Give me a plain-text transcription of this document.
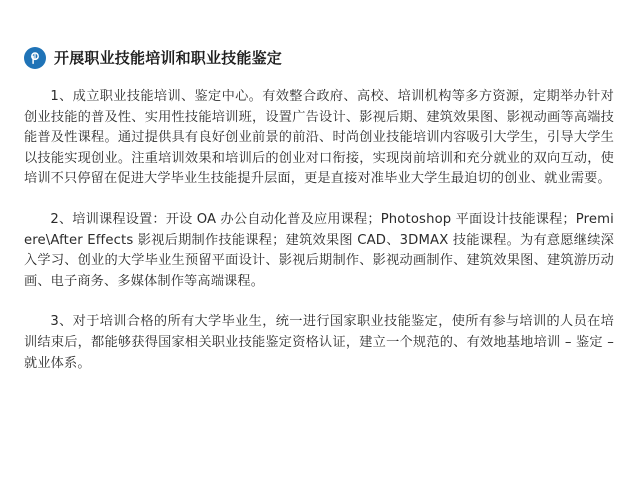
开展职业技能培训和职业技能鉴定

1、成立职业技能培训、鉴定中心。有效整合政府、高校、培训机构等多方资源，定期举办针对创业技能的普及性、实用性技能培训班，设置广告设计、影视后期、建筑效果图、影视动画等高端技能普及性课程。通过提供具有良好创业前景的前沿、时尚创业技能培训内容吸引大学生，引导大学生以技能实现创业。注重培训效果和培训后的创业对口衔接，实现岗前培训和充分就业的双向互动，使培训不只停留在促进大学毕业生技能提升层面，更是直接对准毕业大学生最迫切的创业、就业需要。

2、培训课程设置：开设 OA 办公自动化普及应用课程；Photoshop 平面设计技能课程；Premiere\After Effects 影视后期制作技能课程；建筑效果图 CAD、3DMAX 技能课程。为有意愿继续深入学习、创业的大学毕业生预留平面设计、影视后期制作、影视动画制作、建筑效果图、建筑游历动画、电子商务、多媒体制作等高端课程。

3、对于培训合格的所有大学毕业生，统一进行国家职业技能鉴定，使所有参与培训的人员在培训结束后，都能够获得国家相关职业技能鉴定资格认证，建立一个规范的、有效地基地培训 – 鉴定 – 就业体系。
